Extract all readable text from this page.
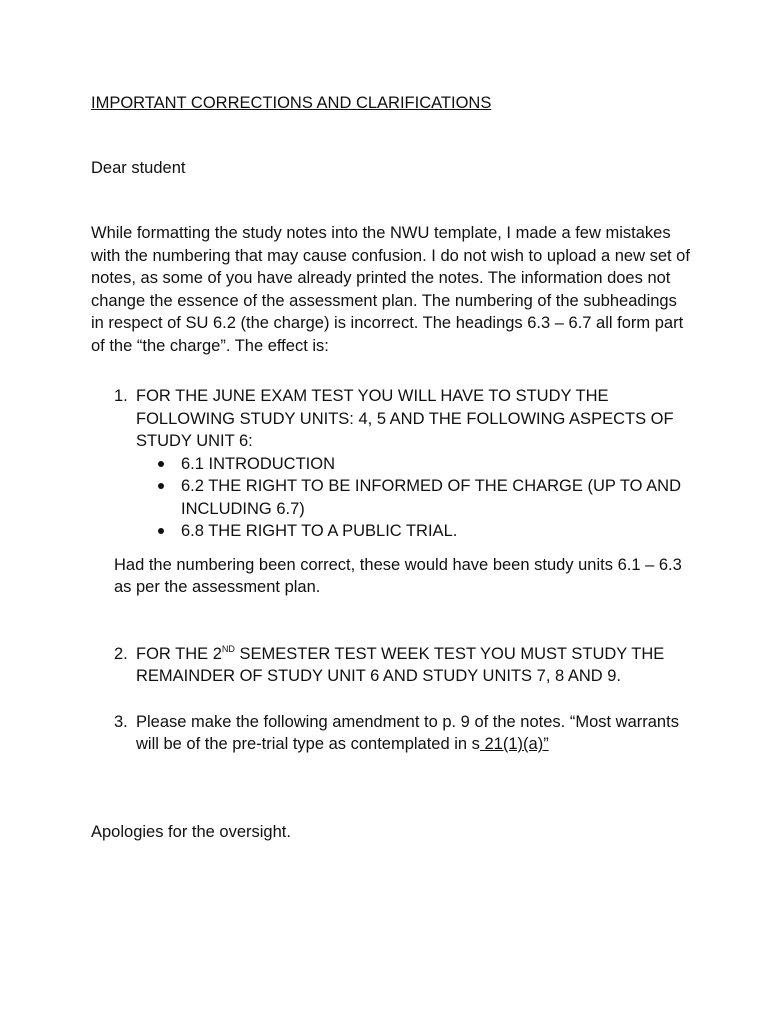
IMPORTANT CORRECTIONS AND CLARIFICATIONS

Dear student

While formatting the study notes into the NWU template, I made a few mistakes with the numbering that may cause confusion. I do not wish to upload a new set of notes, as some of you have already printed the notes. The information does not change the essence of the assessment plan. The numbering of the subheadings in respect of SU 6.2 (the charge) is incorrect. The headings 6.3 – 6.7 all form part of the “the charge”. The effect is:

1. FOR THE JUNE EXAM TEST YOU WILL HAVE TO STUDY THE FOLLOWING STUDY UNITS: 4, 5 AND THE FOLLOWING ASPECTS OF STUDY UNIT 6:
6.1 INTRODUCTION
6.2 THE RIGHT TO BE INFORMED OF THE CHARGE (UP TO AND INCLUDING 6.7)
6.8 THE RIGHT TO A PUBLIC TRIAL.

Had the numbering been correct, these would have been study units 6.1 – 6.3 as per the assessment plan.

2. FOR THE 2ND SEMESTER TEST WEEK TEST YOU MUST STUDY THE REMAINDER OF STUDY UNIT 6 AND STUDY UNITS 7, 8 AND 9.
3. Please make the following amendment to p. 9 of the notes. “Most warrants will be of the pre-trial type as contemplated in s 21(1)(a)”

Apologies for the oversight.
